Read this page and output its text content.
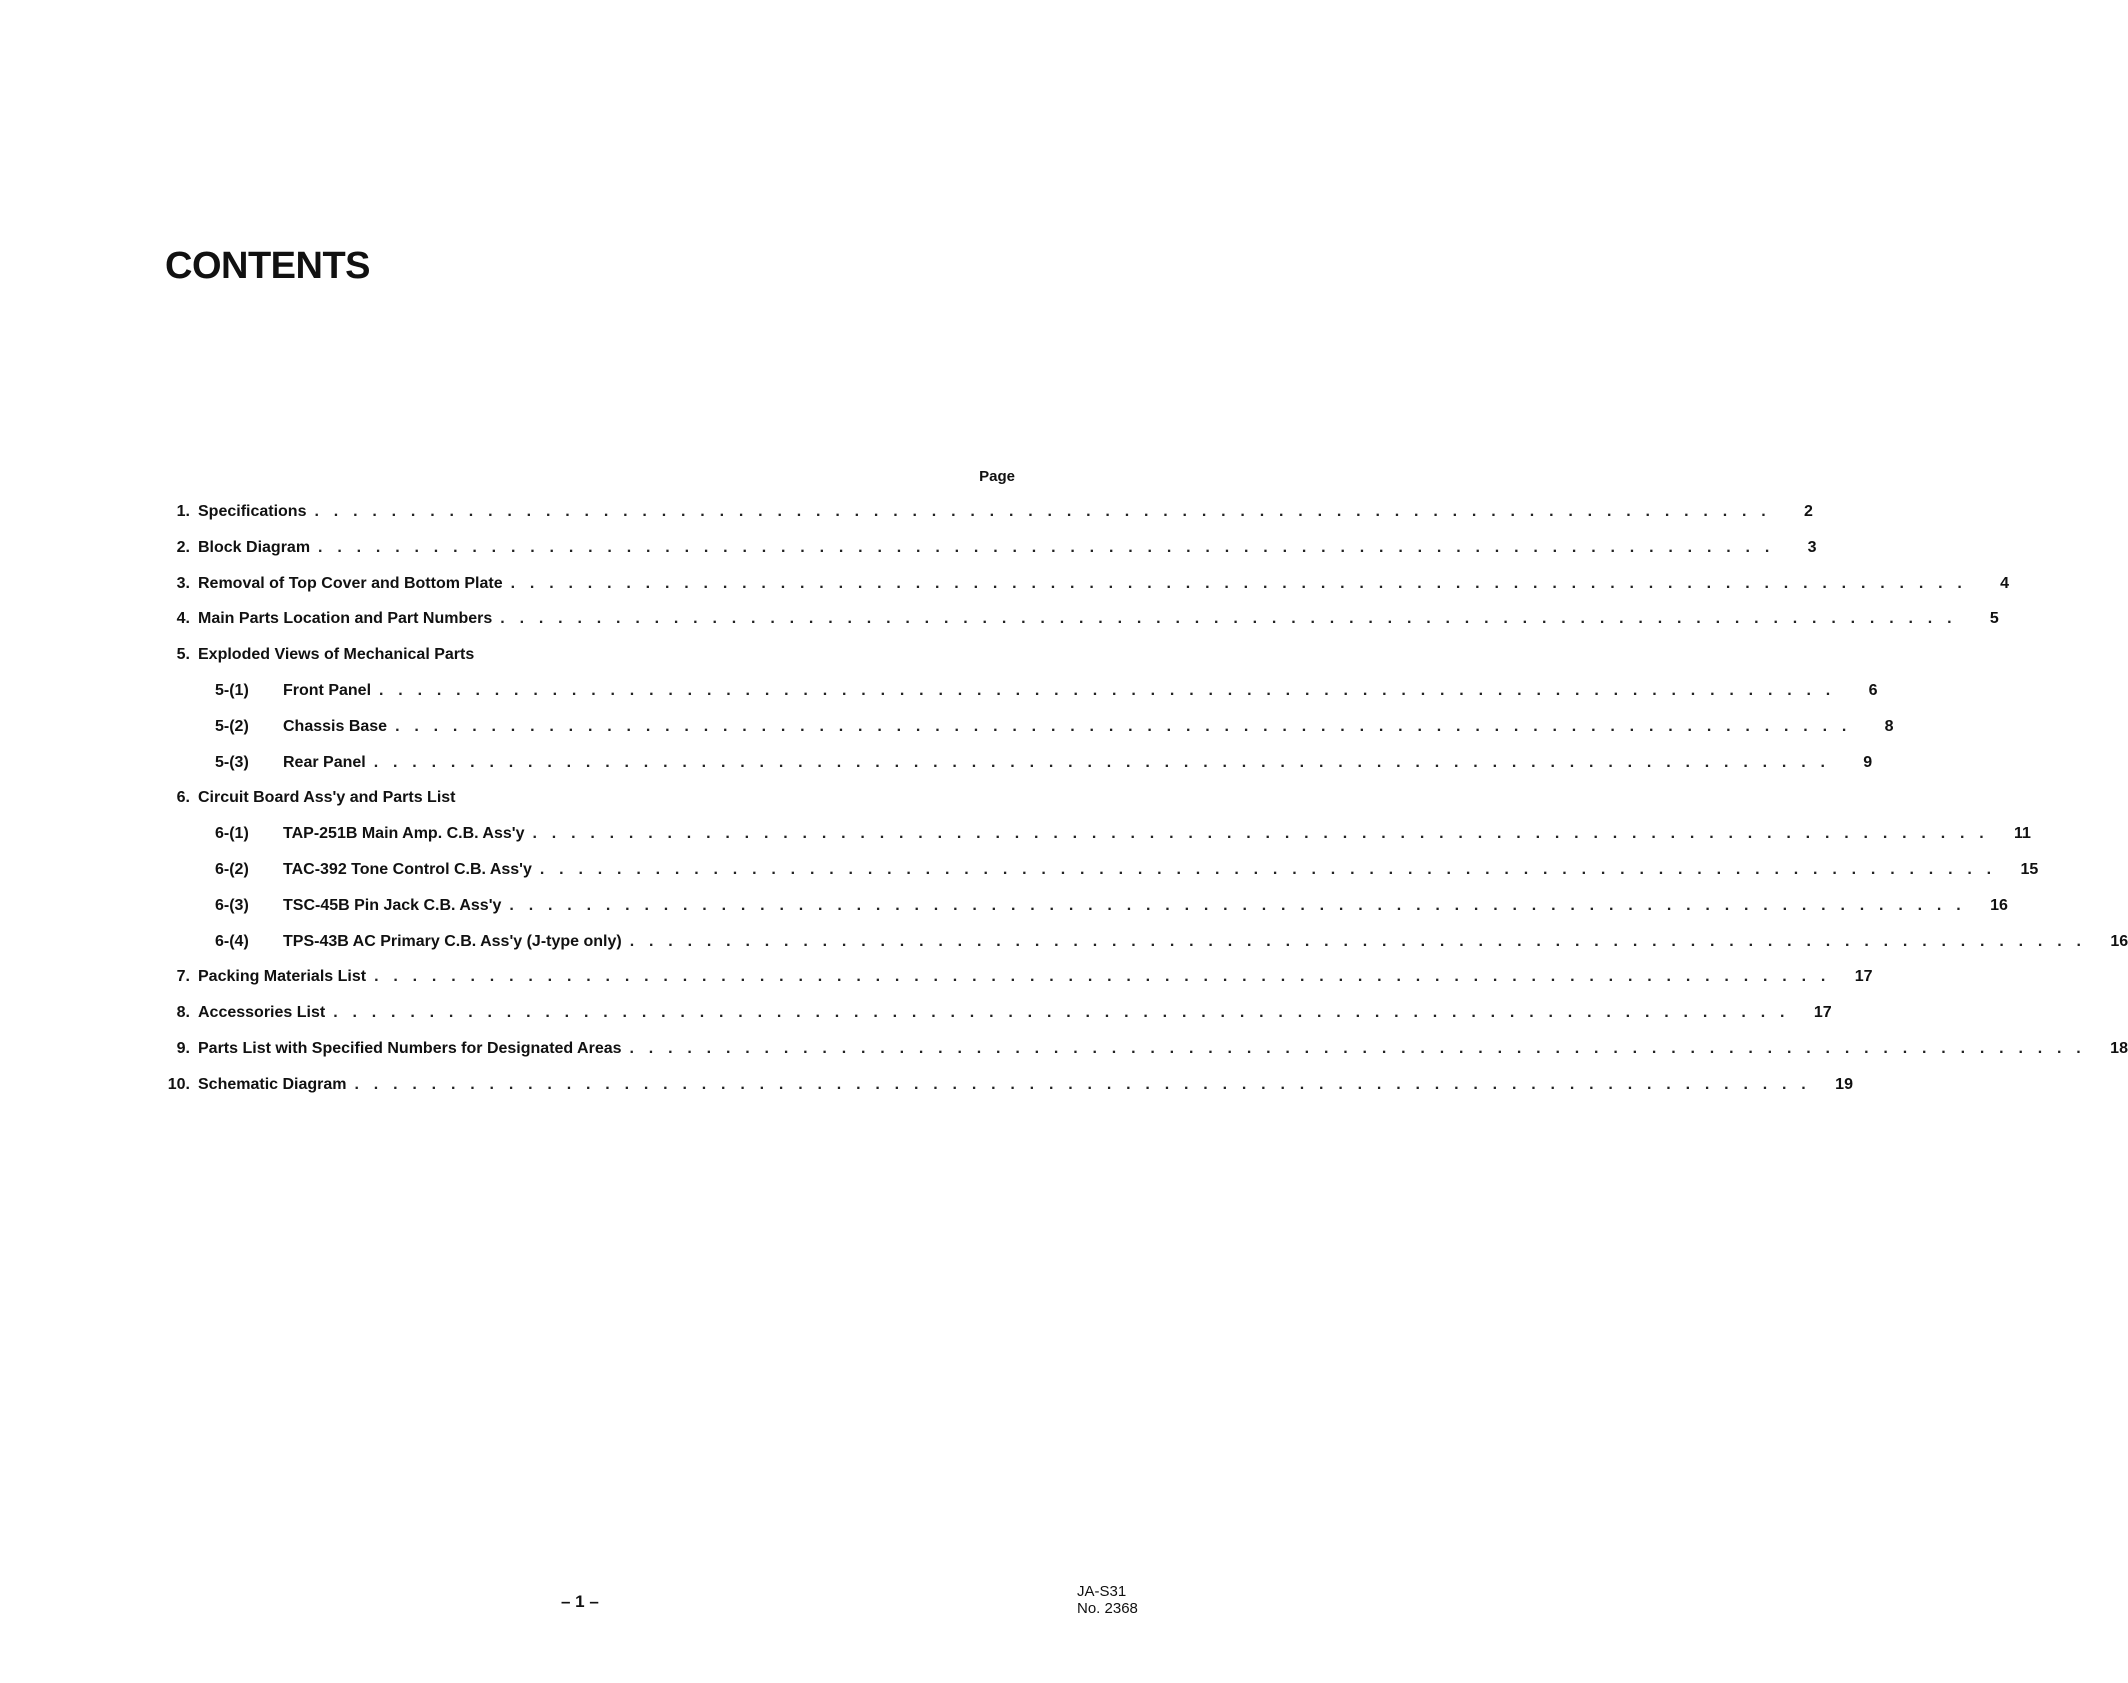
CONTENTS
Page
1. Specifications . . . . . . . . . . . . . . . . . . . . . . . . . . . . . . . . . . . . . . . . . . . . . . . . . . . . . . . . . . . . . . . . . . . . . . . . . . . .	2
2. Block Diagram . . . . . . . . . . . . . . . . . . . . . . . . . . . . . . . . . . . . . . . . . . . . . . . . . . . . . . . . . . . . . . . . . . . . . . . . . . . .	3
3. Removal of Top Cover and Bottom Plate . . . . . . . . . . . . . . . . . . . . . . . . . . . . . . . . . . . . . . . . . . . . . . . . . . . . . . . . . . . . . . . . . . . . . . . . . . . .	4
4. Main Parts Location and Part Numbers . . . . . . . . . . . . . . . . . . . . . . . . . . . . . . . . . . . . . . . . . . . . . . . . . . . . . . . . . . . . . . . . . . . . . . . . . . . .	5
5. Exploded Views of Mechanical Parts
5-(1)	Front Panel . . . . . . . . . . . . . . . . . . . . . . . . . . . . . . . . . . . . . . . . . . . . . . . . . . . . . . . . . . . . . . . . . . . . . . . . . . . .	6
5-(2)	Chassis Base . . . . . . . . . . . . . . . . . . . . . . . . . . . . . . . . . . . . . . . . . . . . . . . . . . . . . . . . . . . . . . . . . . . . . . . . . . . .	8
5-(3)	Rear Panel . . . . . . . . . . . . . . . . . . . . . . . . . . . . . . . . . . . . . . . . . . . . . . . . . . . . . . . . . . . . . . . . . . . . . . . . . . . .	9
6. Circuit Board Ass'y and Parts List
6-(1)	TAP-251B Main Amp. C.B. Ass'y . . . . . . . . . . . . . . . . . . . . . . . . . . . . . . . . . . . . . . . . . . . . . . . . . . . . . . . . . . . . . . . . . . . . . . . . . . . .	11
6-(2)	TAC-392 Tone Control C.B. Ass'y . . . . . . . . . . . . . . . . . . . . . . . . . . . . . . . . . . . . . . . . . . . . . . . . . . . . . . . . . . . . . . . . . . . . . . . . . . . .	15
6-(3)	TSC-45B Pin Jack C.B. Ass'y . . . . . . . . . . . . . . . . . . . . . . . . . . . . . . . . . . . . . . . . . . . . . . . . . . . . . . . . . . . . . . . . . . . . . . . . . . . .	16
6-(4)	TPS-43B AC Primary C.B. Ass'y (J-type only) . . . . . . . . . . . . . . . . . . . . . . . . . . . . . . . . . . . . . . . . . . . . . . . . . . . . . . . . . . . . . . . . . . . . . . . . . . . .	16
7. Packing Materials List . . . . . . . . . . . . . . . . . . . . . . . . . . . . . . . . . . . . . . . . . . . . . . . . . . . . . . . . . . . . . . . . . . . . . . . . . . . .	17
8. Accessories List . . . . . . . . . . . . . . . . . . . . . . . . . . . . . . . . . . . . . . . . . . . . . . . . . . . . . . . . . . . . . . . . . . . . . . . . . . . .	17
9. Parts List with Specified Numbers for Designated Areas . . . . . . . . . . . . . . . . . . . . . . . . . . . . . . . . . . . . . . . . . . . . . . . . . . . . . . . . . . . . . . . . . . . . . . . . . . . .	18
10. Schematic Diagram . . . . . . . . . . . . . . . . . . . . . . . . . . . . . . . . . . . . . . . . . . . . . . . . . . . . . . . . . . . . . . . . . . . . . . . . . . . .	19
– 1 –
JA-S31
No. 2368
